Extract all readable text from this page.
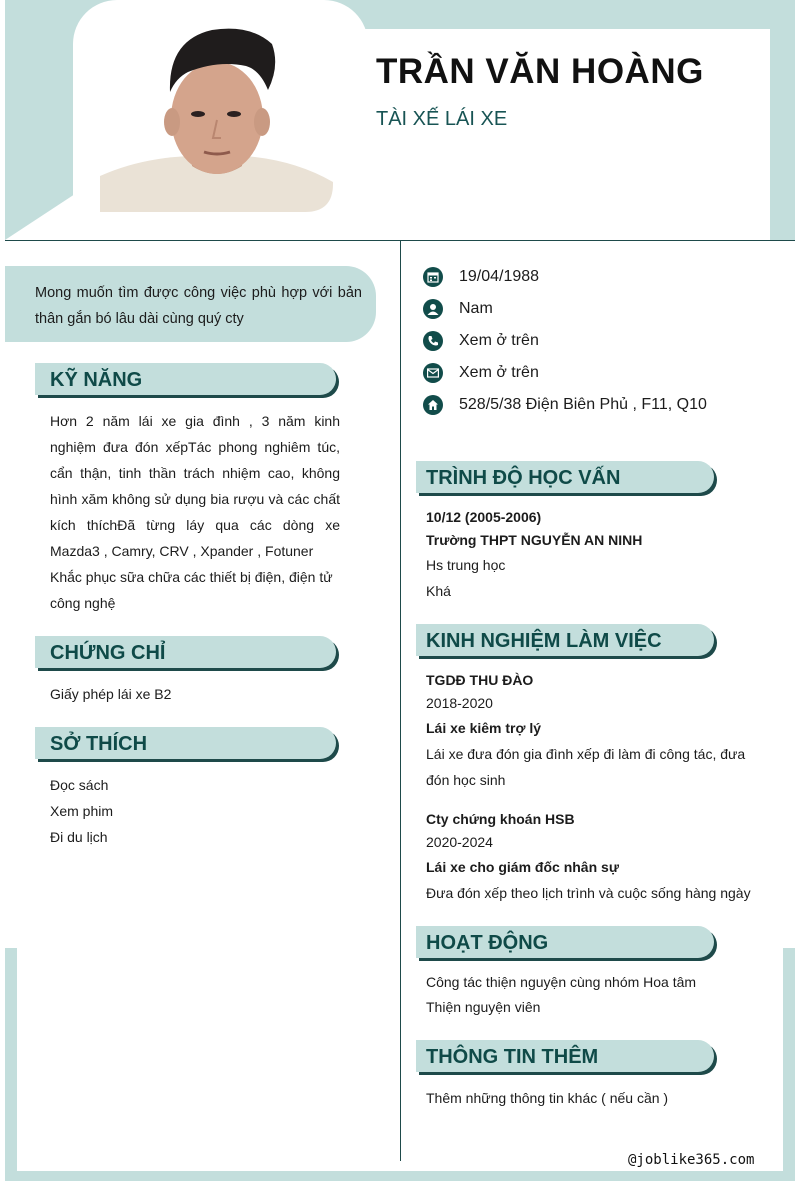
TRẦN VĂN HOÀNG
TÀI XẾ LÁI XE
Mong muốn tìm được công việc phù hợp với bản thân gắn bó lâu dài cùng quý cty
KỸ NĂNG
Hơn 2 năm lái xe gia đình , 3 năm kinh nghiệm đưa đón xếpTác phong nghiêm túc, cẩn thận, tinh thần trách nhiệm cao, không hình xăm không sử dụng bia rượu và các chất kích thíchĐã từng láy qua các dòng xe Mazda3 , Camry, CRV , Xpander , Fotuner
Khắc phục sữa chữa các thiết bị điện, điện tử công nghệ
CHỨNG CHỈ
Giấy phép lái xe B2
SỞ THÍCH
Đọc sách
Xem phim
Đi du lịch
19/04/1988
Nam
Xem ở trên
Xem ở trên
528/5/38 Điện Biên Phủ , F11, Q10
TRÌNH ĐỘ HỌC VẤN
10/12 (2005-2006)
Trường THPT NGUYỄN AN NINH
Hs trung học
Khá
KINH NGHIỆM LÀM VIỆC
TGDĐ THU ĐÀO
2018-2020
Lái xe kiêm trợ lý
Lái xe đưa đón gia đình xếp đi làm đi công tác, đưa đón học sinh
Cty chứng khoán HSB
2020-2024
Lái xe cho giám đốc nhân sự
Đưa đón xếp theo lịch trình và cuộc sống hàng ngày
HOẠT ĐỘNG
Công tác thiện nguyện cùng nhóm Hoa tâm
Thiện nguyện viên
THÔNG TIN THÊM
Thêm những thông tin khác ( nếu cần )
@joblike365.com
